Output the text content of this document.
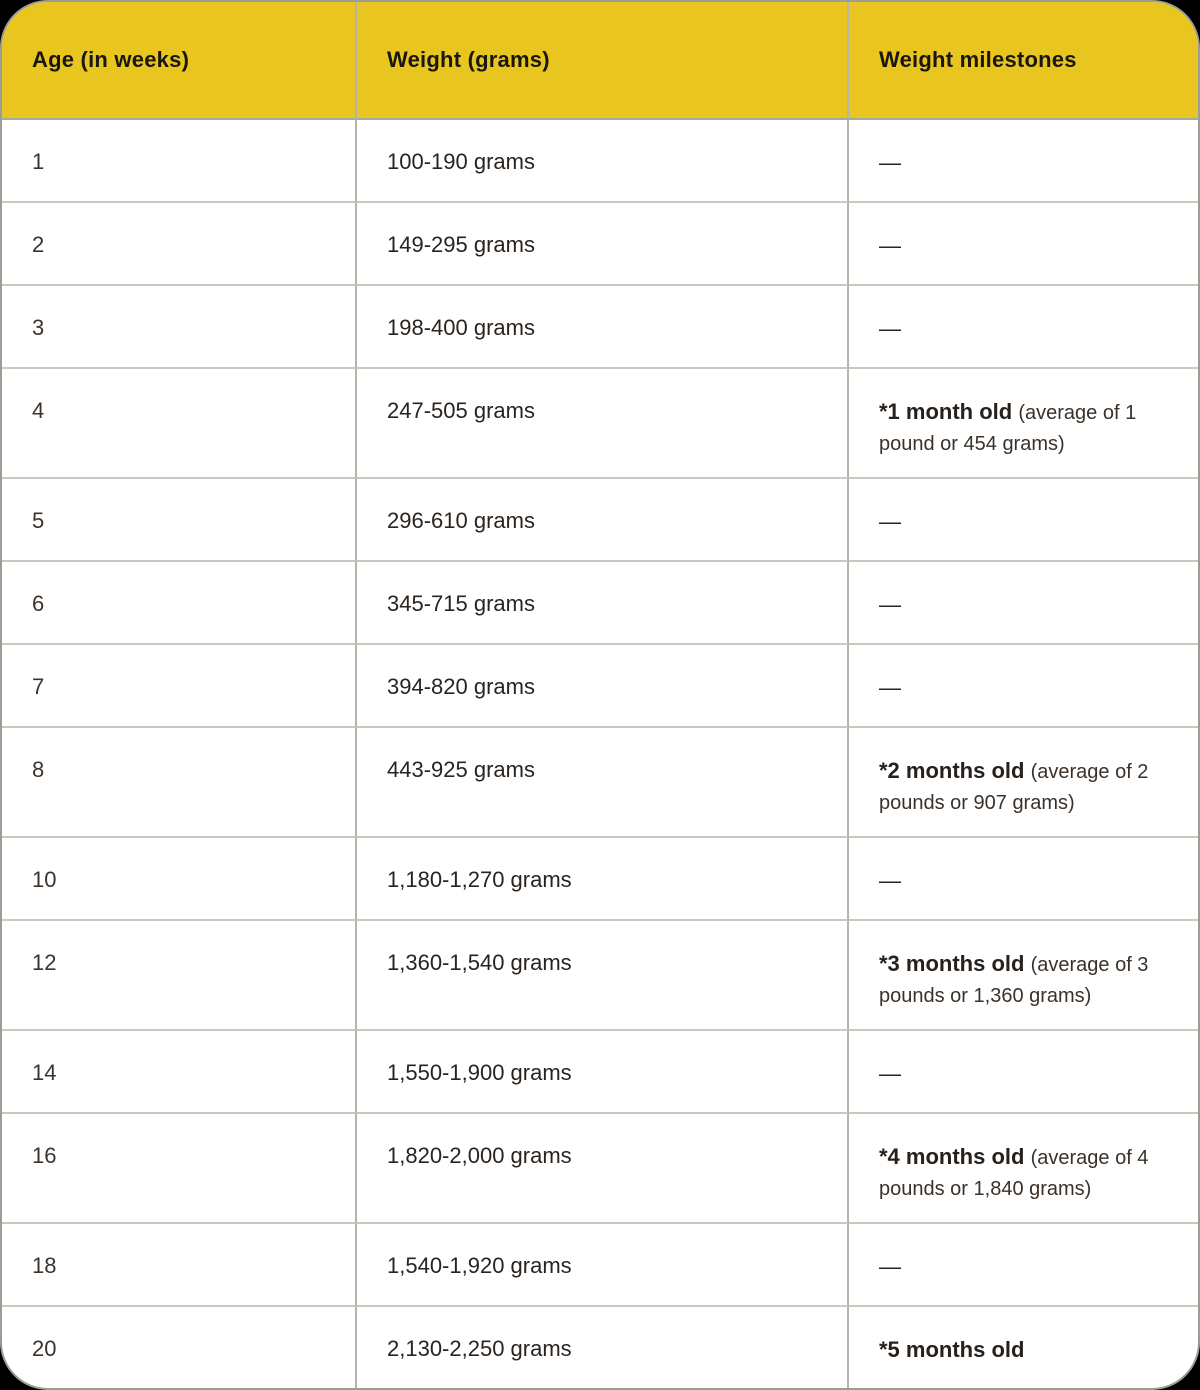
Age (in weeks)	Weight (grams)	Weight milestones
1	100-190 grams	—
2	149-295 grams	—
3	198-400 grams	—
4	247-505 grams	*1 month old (average of 1 pound or 454 grams)
5	296-610 grams	—
6	345-715 grams	—
7	394-820 grams	—
8	443-925 grams	*2 months old (average of 2 pounds or 907 grams)
10	1,180-1,270 grams	—
12	1,360-1,540 grams	*3 months old (average of 3 pounds or 1,360 grams)
14	1,550-1,900 grams	—
16	1,820-2,000 grams	*4 months old (average of 4 pounds or 1,840 grams)
18	1,540-1,920 grams	—
20	2,130-2,250 grams	*5 months old
